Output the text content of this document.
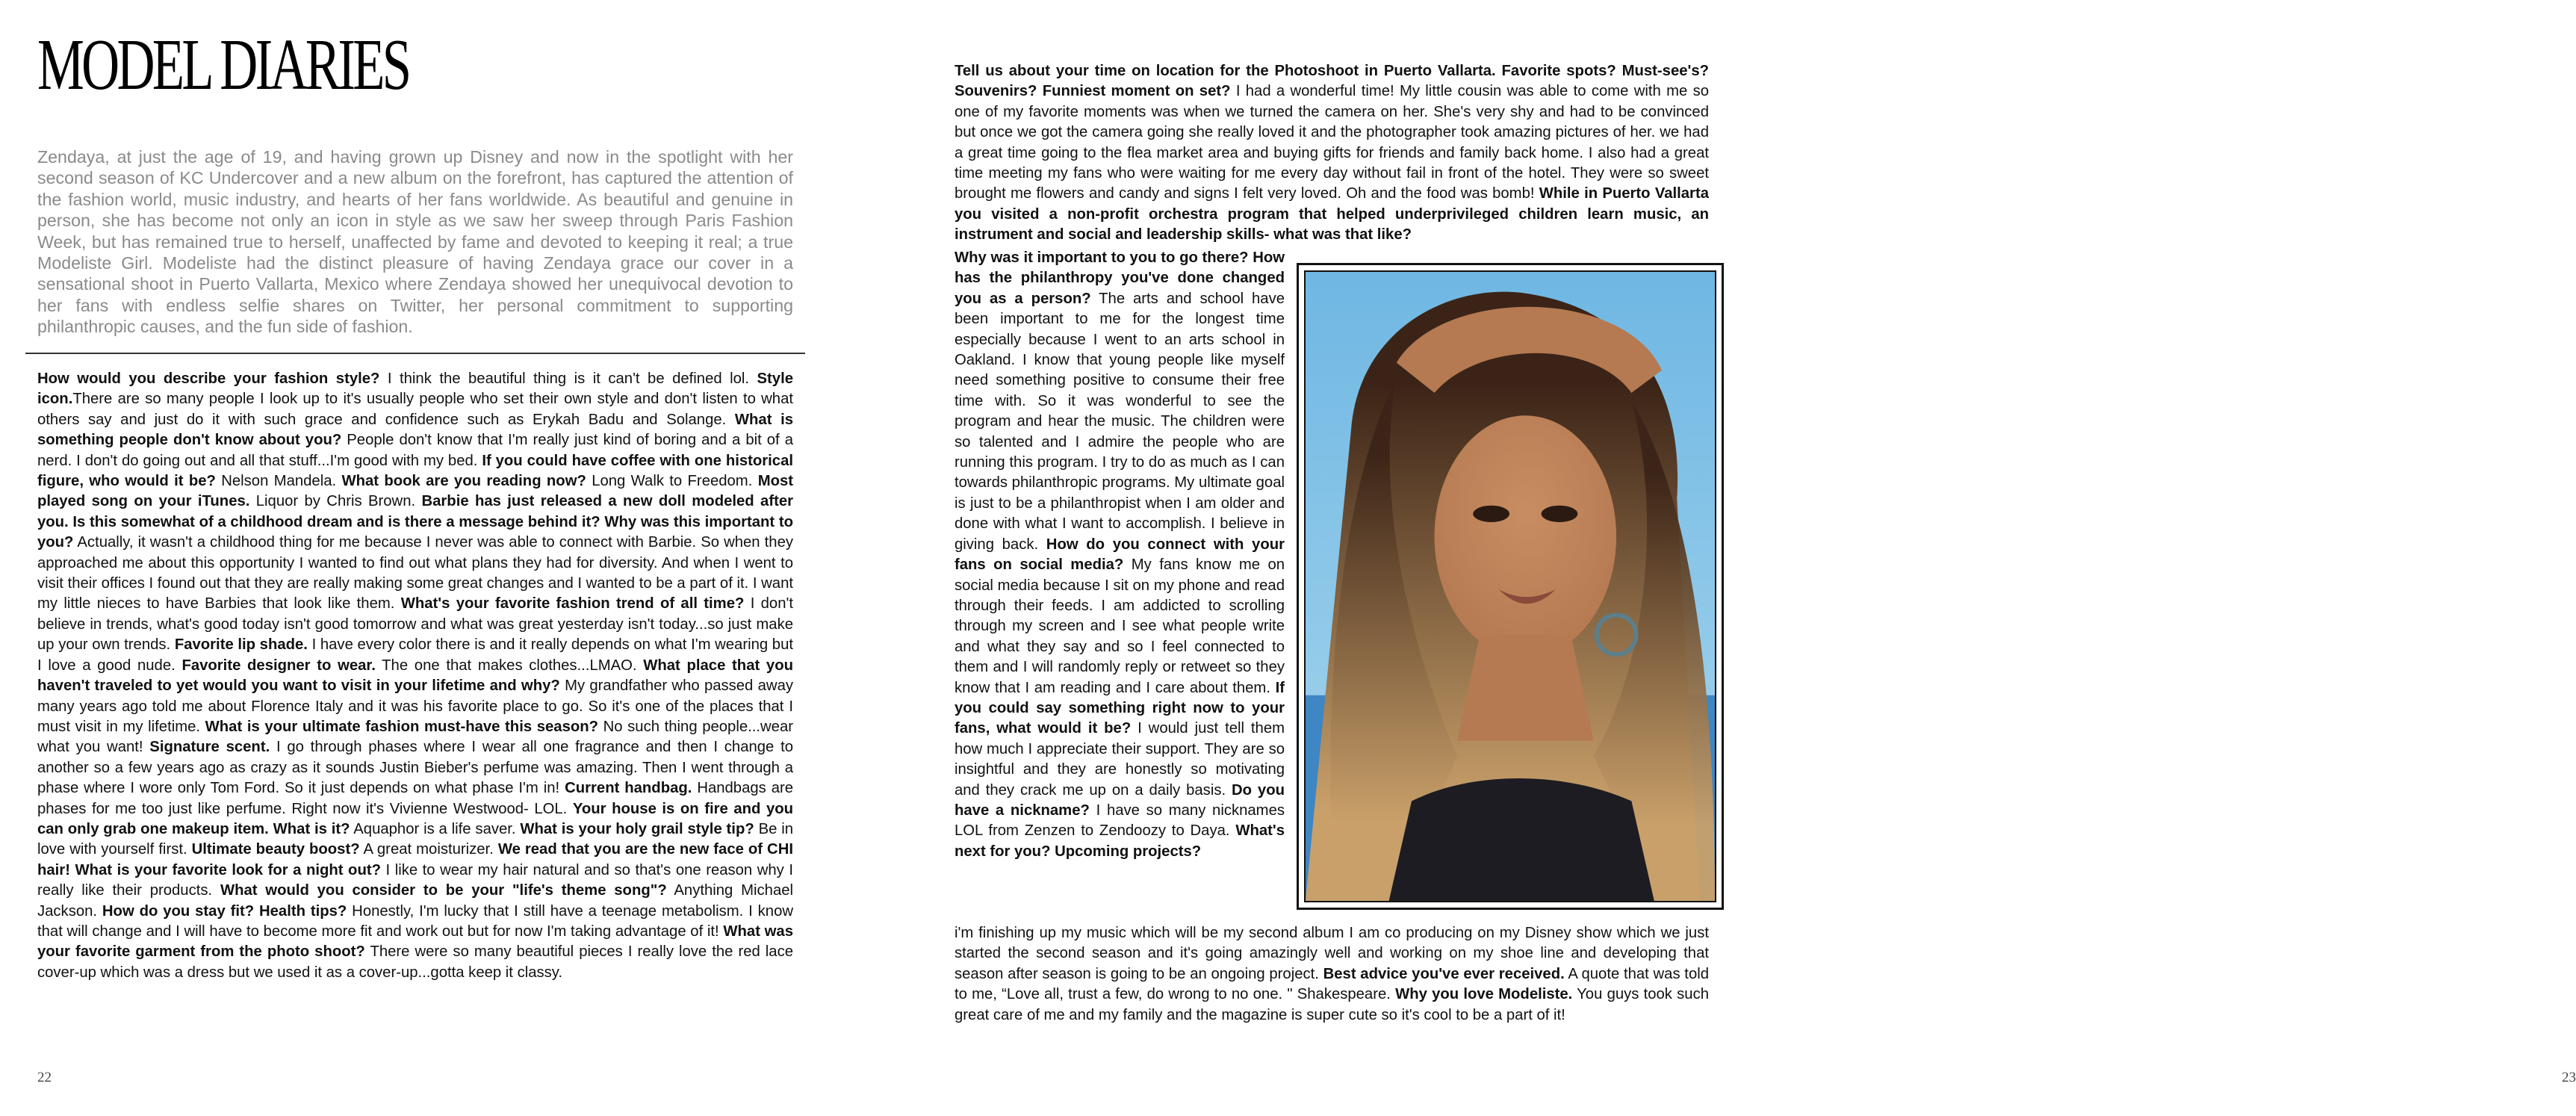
MODEL DIARIES
Zendaya, at just the age of 19, and having grown up Disney and now in the spotlight with her second season of KC Undercover and a new album on the forefront, has captured the attention of the fashion world, music industry, and hearts of her fans worldwide. As beautiful and genuine in person, she has become not only an icon in style as we saw her sweep through Paris Fashion Week, but has remained true to herself, unaffected by fame and devoted to keeping it real; a true Modeliste Girl. Modeliste had the distinct pleasure of having Zendaya grace our cover in a sensational shoot in Puerto Vallarta, Mexico where Zendaya showed her unequivocal devotion to her fans with endless selfie shares on Twitter, her personal commitment to supporting philanthropic causes, and the fun side of fashion.
How would you describe your fashion style? I think the beautiful thing is it can't be defined lol. Style icon.There are so many people I look up to it's usually people who set their own style and don't listen to what others say and just do it with such grace and confidence such as Erykah Badu and Solange. What is something people don't know about you? People don't know that I'm really just kind of boring and a bit of a nerd. I don't do going out and all that stuff...I'm good with my bed. If you could have coffee with one historical figure, who would it be? Nelson Mandela. What book are you reading now? Long Walk to Freedom. Most played song on your iTunes. Liquor by Chris Brown. Barbie has just released a new doll modeled after you. Is this somewhat of a childhood dream and is there a message behind it? Why was this important to you? Actually, it wasn't a childhood thing for me because I never was able to connect with Barbie. So when they approached me about this opportunity I wanted to find out what plans they had for diversity. And when I went to visit their offices I found out that they are really making some great changes and I wanted to be a part of it. I want my little nieces to have Barbies that look like them. What's your favorite fashion trend of all time? I don't believe in trends, what's good today isn't good tomorrow and what was great yesterday isn't today...so just make up your own trends. Favorite lip shade. I have every color there is and it really depends on what I'm wearing but I love a good nude. Favorite designer to wear. The one that makes clothes...LMAO. What place that you haven't traveled to yet would you want to visit in your lifetime and why? My grandfather who passed away many years ago told me about Florence Italy and it was his favorite place to go. So it's one of the places that I must visit in my lifetime. What is your ultimate fashion must-have this season? No such thing people...wear what you want! Signature scent. I go through phases where I wear all one fragrance and then I change to another so a few years ago as crazy as it sounds Justin Bieber's perfume was amazing. Then I went through a phase where I wore only Tom Ford. So it just depends on what phase I'm in! Current handbag. Handbags are phases for me too just like perfume. Right now it's Vivienne Westwood- LOL. Your house is on fire and you can only grab one makeup item. What is it? Aquaphor is a life saver. What is your holy grail style tip? Be in love with yourself first. Ultimate beauty boost? A great moisturizer. We read that you are the new face of CHI hair! What is your favorite look for a night out? I like to wear my hair natural and so that's one reason why I really like their products. What would you consider to be your "life's theme song"? Anything Michael Jackson. How do you stay fit? Health tips? Honestly, I'm lucky that I still have a teenage metabolism. I know that will change and I will have to become more fit and work out but for now I'm taking advantage of it! What was your favorite garment from the photo shoot? There were so many beautiful pieces I really love the red lace cover-up which was a dress but we used it as a cover-up...gotta keep it classy.
22
Tell us about your time on location for the Photoshoot in Puerto Vallarta. Favorite spots? Must-see's? Souvenirs? Funniest moment on set? I had a wonderful time! My little cousin was able to come with me so one of my favorite moments was when we turned the camera on her. She's very shy and had to be convinced but once we got the camera going she really loved it and the photographer took amazing pictures of her. we had a great time going to the flea market area and buying gifts for friends and family back home. I also had a great time meeting my fans who were waiting for me every day without fail in front of the hotel. They were so sweet brought me flowers and candy and signs I felt very loved. Oh and the food was bomb! While in Puerto Vallarta you visited a non-profit orchestra program that helped underprivileged children learn music, an instrument and social and leadership skills- what was that like?
Why was it important to you to go there? How has the philanthropy you've done changed you as a person? The arts and school have been important to me for the longest time especially because I went to an arts school in Oakland. I know that young people like myself need something positive to consume their free time with. So it was wonderful to see the program and hear the music. The children were so talented and I admire the people who are running this program. I try to do as much as I can towards philanthropic programs. My ultimate goal is just to be a philanthropist when I am older and done with what I want to accomplish. I believe in giving back. How do you connect with your fans on social media? My fans know me on social media because I sit on my phone and read through their feeds. I am addicted to scrolling through my screen and I see what people write and what they say and so I feel connected to them and I will randomly reply or retweet so they know that I am reading and I care about them. If you could say something right now to your fans, what would it be? I would just tell them how much I appreciate their support. They are so insightful and they are honestly so motivating and they crack me up on a daily basis. Do you have a nickname? I have so many nicknames LOL from Zenzen to Zendoozy to Daya. What's next for you? Upcoming projects?
i'm finishing up my music which will be my second album I am co producing on my Disney show which we just started the second season and it's going amazingly well and working on my shoe line and developing that season after season is going to be an ongoing project. Best advice you've ever received. A quote that was told to me, “Love all, trust a few, do wrong to no one. " Shakespeare. Why you love Modeliste. You guys took such great care of me and my family and the magazine is super cute so it's cool to be a part of it!
23
